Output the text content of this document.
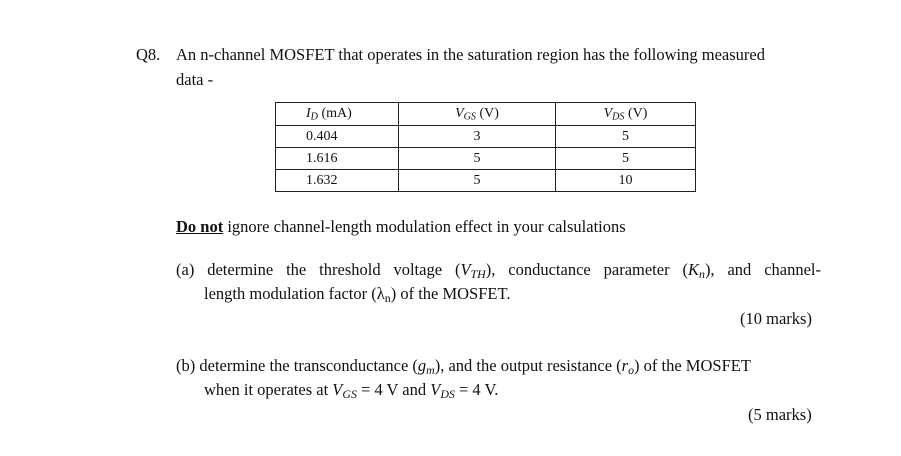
Q8. An n-channel MOSFET that operates in the saturation region has the following measured
data -
$I_D$ (mA)	$V_{GS}$ (V)	$V_{DS}$ (V)
0.404	3	5
1.616	5	5
1.632	5	10
Do not ignore channel-length modulation effect in your calsulations
(a) determine the threshold voltage $(V_{TH})$, conductance parameter $(K_n)$, and channel-
length modulation factor $(\lambda_n)$ of the MOSFET.
(10 marks)
(b) determine the transconductance $(g_m)$, and the output resistance $(r_o)$ of the MOSFET
when it operates at $V_{GS} = 4$ V and $V_{DS} = 4$ V.
(5 marks)
